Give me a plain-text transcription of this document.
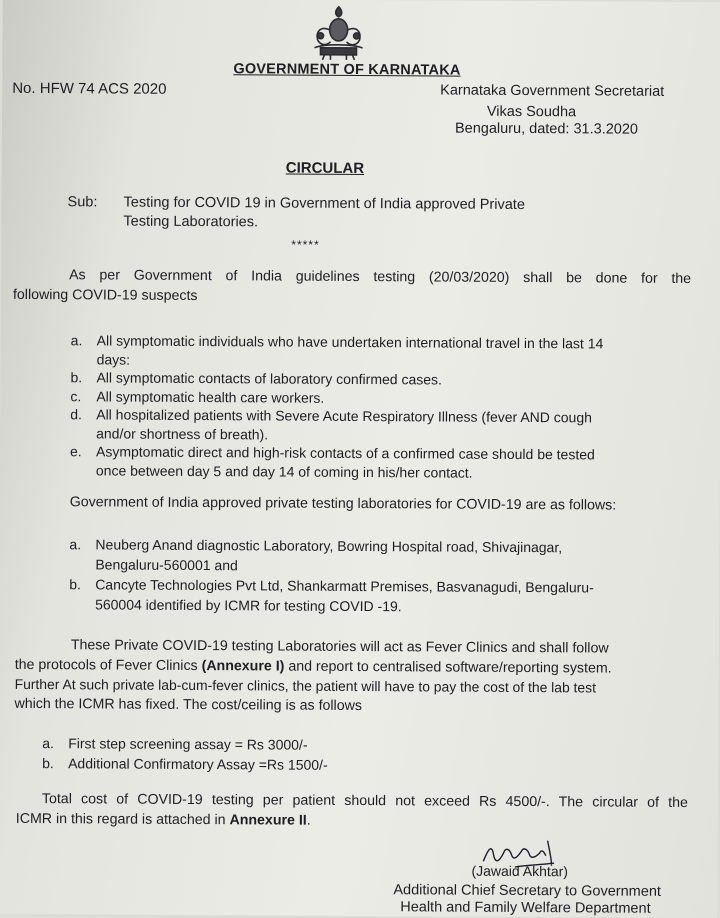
GOVERNMENT OF KARNATAKA
No. HFW 74 ACS 2020	Karnataka Government Secretariat
Vikas Soudha
Bengaluru, dated: 31.3.2020
CIRCULAR
Sub: Testing for COVID 19 in Government of India approved Private
Testing Laboratories.
*****
As per Government of India guidelines testing (20/03/2020) shall be done for the
following COVID-19 suspects
a. All symptomatic individuals who have undertaken international travel in the last 14
days:
b. All symptomatic contacts of laboratory confirmed cases.
c. All symptomatic health care workers.
d. All hospitalized patients with Severe Acute Respiratory Illness (fever AND cough
and/or shortness of breath).
e. Asymptomatic direct and high-risk contacts of a confirmed case should be tested
once between day 5 and day 14 of coming in his/her contact.
Government of India approved private testing laboratories for COVID-19 are as follows:
a. Neuberg Anand diagnostic Laboratory, Bowring Hospital road, Shivajinagar,
Bengaluru-560001 and
b. Cancyte Technologies Pvt Ltd, Shankarmatt Premises, Basvanagudi, Bengaluru-
560004 identified by ICMR for testing COVID -19.
These Private COVID-19 testing Laboratories will act as Fever Clinics and shall follow
the protocols of Fever Clinics (Annexure I) and report to centralised software/reporting system.
Further At such private lab-cum-fever clinics, the patient will have to pay the cost of the lab test
which the ICMR has fixed. The cost/ceiling is as follows
a. First step screening assay = Rs 3000/-
b. Additional Confirmatory Assay =Rs 1500/-
Total cost of COVID-19 testing per patient should not exceed Rs 4500/-. The circular of the
ICMR in this regard is attached in Annexure II.
(Jawaid Akhtar)
Additional Chief Secretary to Government
Health and Family Welfare Department
